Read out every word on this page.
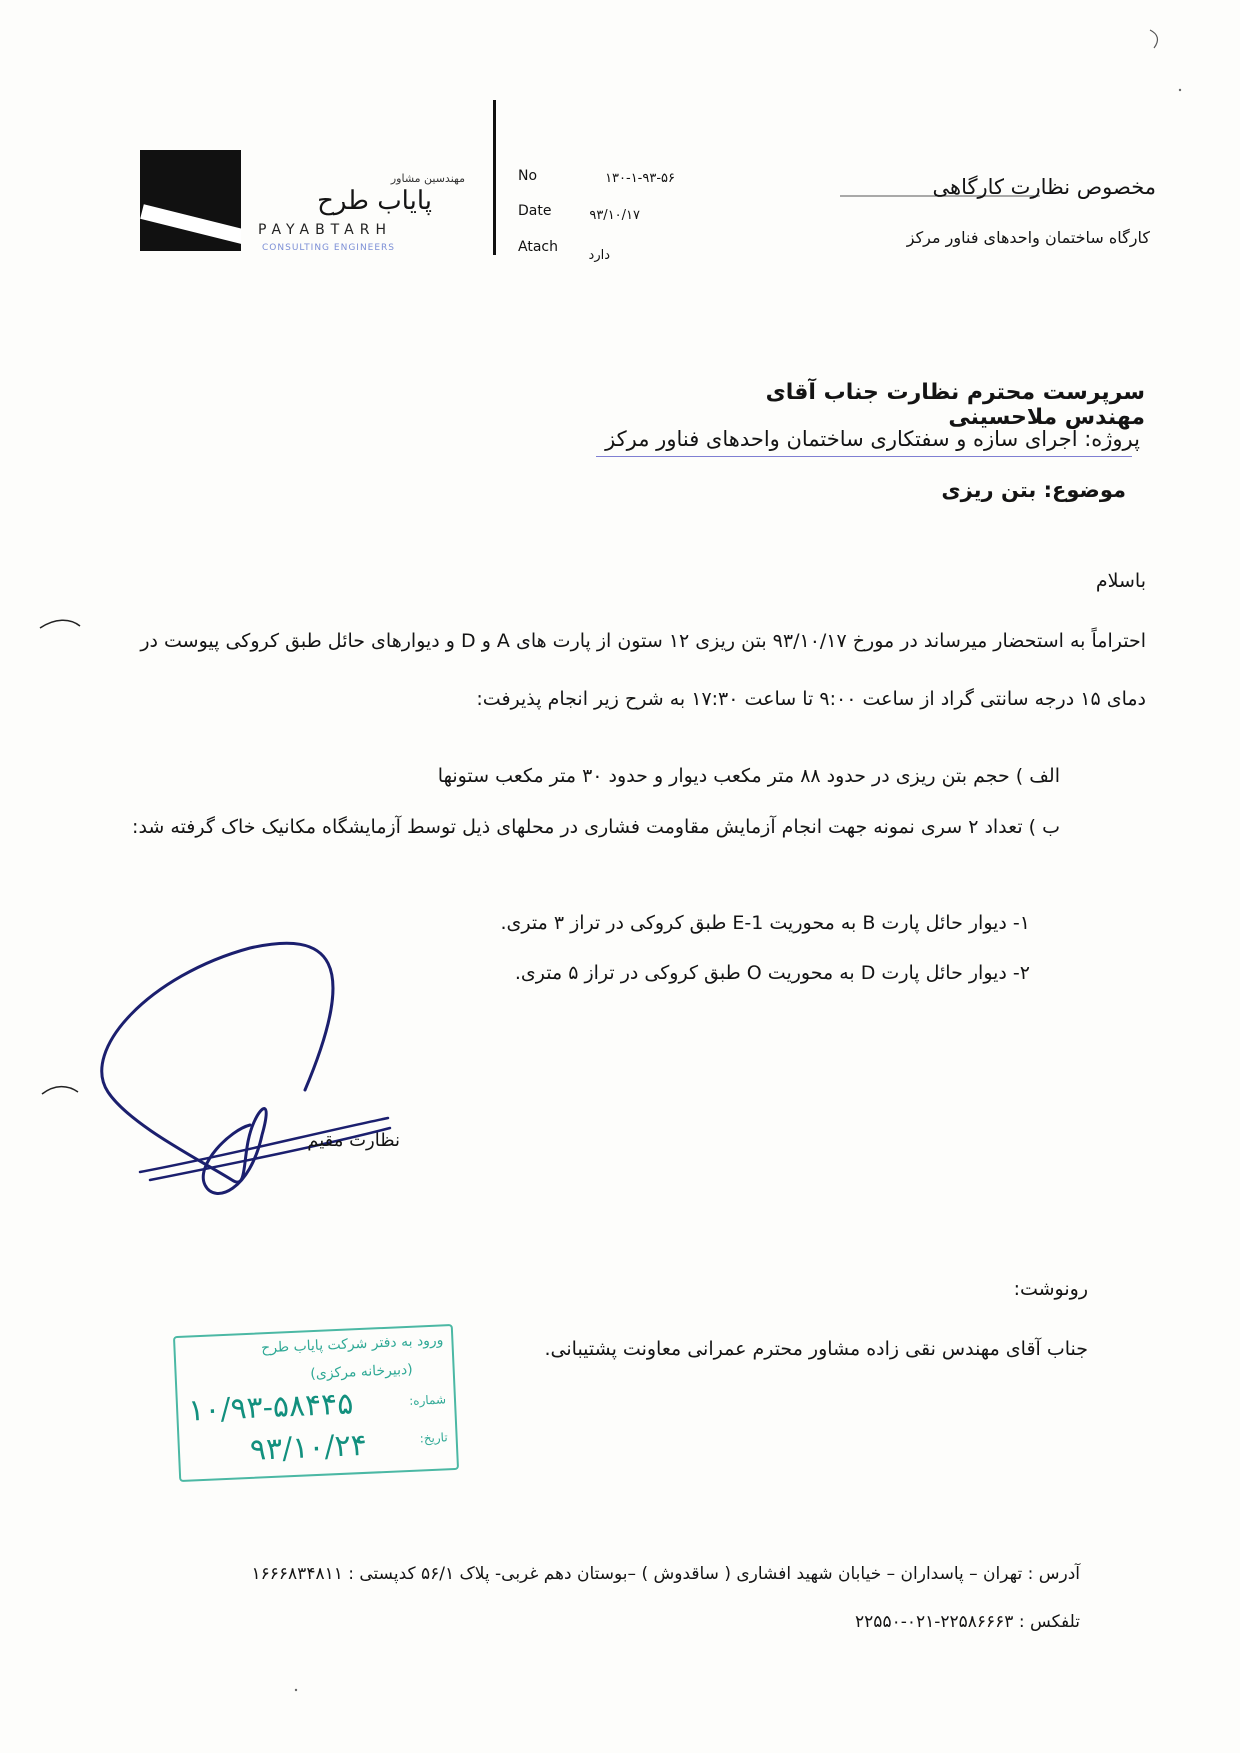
مهندسین مشاور
پایاب طرح
PAYABTARH
CONSULTING ENGINEERS
No	۱۳۰-۱-۹۳-۵۶
Date	۹۳/۱۰/۱۷
Atach
دارد
مخصوص نظارت کارگاهی
کارگاه ساختمان واحدهای فناور مرکز
سرپرست محترم نظارت جناب آقای مهندس ملاحسینی
پروژه: اجرای سازه و سفتکاری ساختمان واحدهای فناور مرکز
موضوع: بتن ریزی
باسلام
احتراماً به استحضار میرساند در مورخ ۹۳/۱۰/۱۷ بتن ریزی ۱۲ ستون از پارت های A و D و دیوارهای حائل طبق کروکی پیوست در دمای ۱۵ درجه سانتی گراد از ساعت ۹:۰۰ تا ساعت ۱۷:۳۰ به شرح زیر انجام پذیرفت:
الف ) حجم بتن ریزی در حدود ۸۸ متر مکعب دیوار و حدود ۳۰ متر مکعب ستونها
ب ) تعداد ۲ سری نمونه جهت انجام آزمایش مقاومت فشاری در محلهای ذیل توسط آزمایشگاه مکانیک خاک گرفته شد:
۱- دیوار حائل پارت B به محوریت E-1 طبق کروکی در تراز ۳ متری.
۲- دیوار حائل پارت D به محوریت O طبق کروکی در تراز ۵ متری.
نظارت مقیم
رونوشت:
جناب آقای مهندس نقی زاده مشاور محترم عمرانی معاونت پشتیبانی.
ورود به دفتر شرکت پایاب طرح
(دبیرخانه مرکزی)
شماره:
۱۰/۹۳-۵۸۴۴۵
تاریخ:
۹۳/۱۰/۲۴
آدرس : تهران – پاسداران – خیابان شهید افشاری ( ساقدوش ) –بوستان دهم غربی- پلاک ۵۶/۱ کدپستی : ۱۶۶۶۸۳۴۸۱۱
تلفکس : ۲۲۵۸۶۶۶۳-۰۲۱-۲۲۵۵۰
